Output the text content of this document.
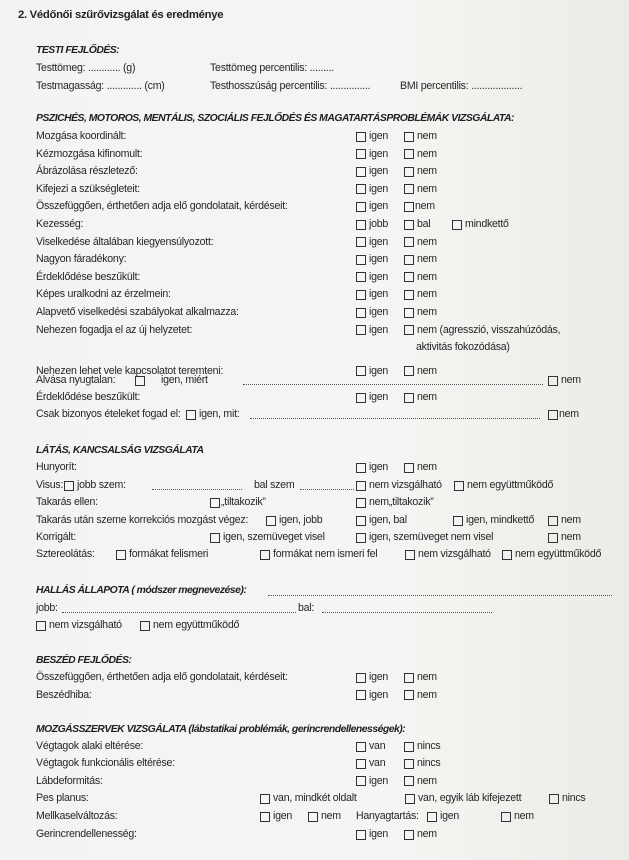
2. Védőnői szűrővizsgálat és eredménye
TESTI FEJLŐDÉS:
Testtömeg: ............ (g)	Testtömeg percentilis: .........
Testmagasság: ............. (cm)	Testhosszúság percentilis: ...............	BMI percentilis: ...................
PSZICHÉS, MOTOROS, MENTÁLIS, SZOCIÁLIS FEJLŐDÉS ÉS MAGATARTÁSPROBLÉMÁK VIZSGÁLATA:
Mozgása koordinált:	igen	nem
Kézmozgása kifinomult:	igen	nem
Ábrázolása részletező:	igen	nem
Kifejezi a szükségleteit:	igen	nem
Összefüggően, érthetően adja elő gondolatait, kérdéseit:	igen	nem
Kezesség:	jobb	bal	mindkettő
Viselkedése általában kiegyensúlyozott:	igen	nem
Nagyon fáradékony:	igen	nem
Érdeklődése beszűkült:	igen	nem
Képes uralkodni az érzelmein:	igen	nem
Alapvető viselkedési szabályokat alkalmazza:	igen	nem
Nehezen fogadja el az új helyzetet:	igen	nem (agresszió, visszahúzódás,
aktivitás fokozódása)
Nehezen lehet vele kapcsolatot teremteni:	igen	nem
Alvása nyugtalan:	igen, miért	nem
Érdeklődése beszűkült:	igen	nem
Csak bizonyos ételeket fogad el: igen, mit:	nem
LÁTÁS, KANCSALSÁG VIZSGÁLATA
Hunyorít:	igen	nem
Visus: jobb szem:	bal szem	nem vizsgálható nem együttműködő
Takarás ellen:	„tiltakozik”	nem„tiltakozik”
Takarás után szeme korrekciós mozgást végez:	igen, jobb	igen, bal	igen, mindkettő	nem
Korrigált:	igen, szemüveget visel	igen, szemüveget nem visel	nem
Sztereolátás:	formákat felismeri	formákat nem ismeri fel	nem vizsgálható nem együttműködő
HALLÁS ÁLLAPOTA ( módszer megnevezése):
jobb:	bal:
nem vizsgálható	nem együttműködő
BESZÉD FEJLŐDÉS:
Összefüggően, érthetően adja elő gondolatait, kérdéseit:	igen	nem
Beszédhiba:	igen	nem
MOZGÁSSZERVEK VIZSGÁLATA (lábstatikai problémák, gerincrendellenességek):
Végtagok alaki eltérése:	van	nincs
Végtagok funkcionális eltérése:	van	nincs
Lábdeformitás:	igen	nem
Pes planus:	van, mindkét oldalt	van, egyik láb kifejezett	nincs
Mellkaselváltozás:	igen	nem Hanyagtartás: igen	nem
Gerincrendellenesség:	igen	nem
